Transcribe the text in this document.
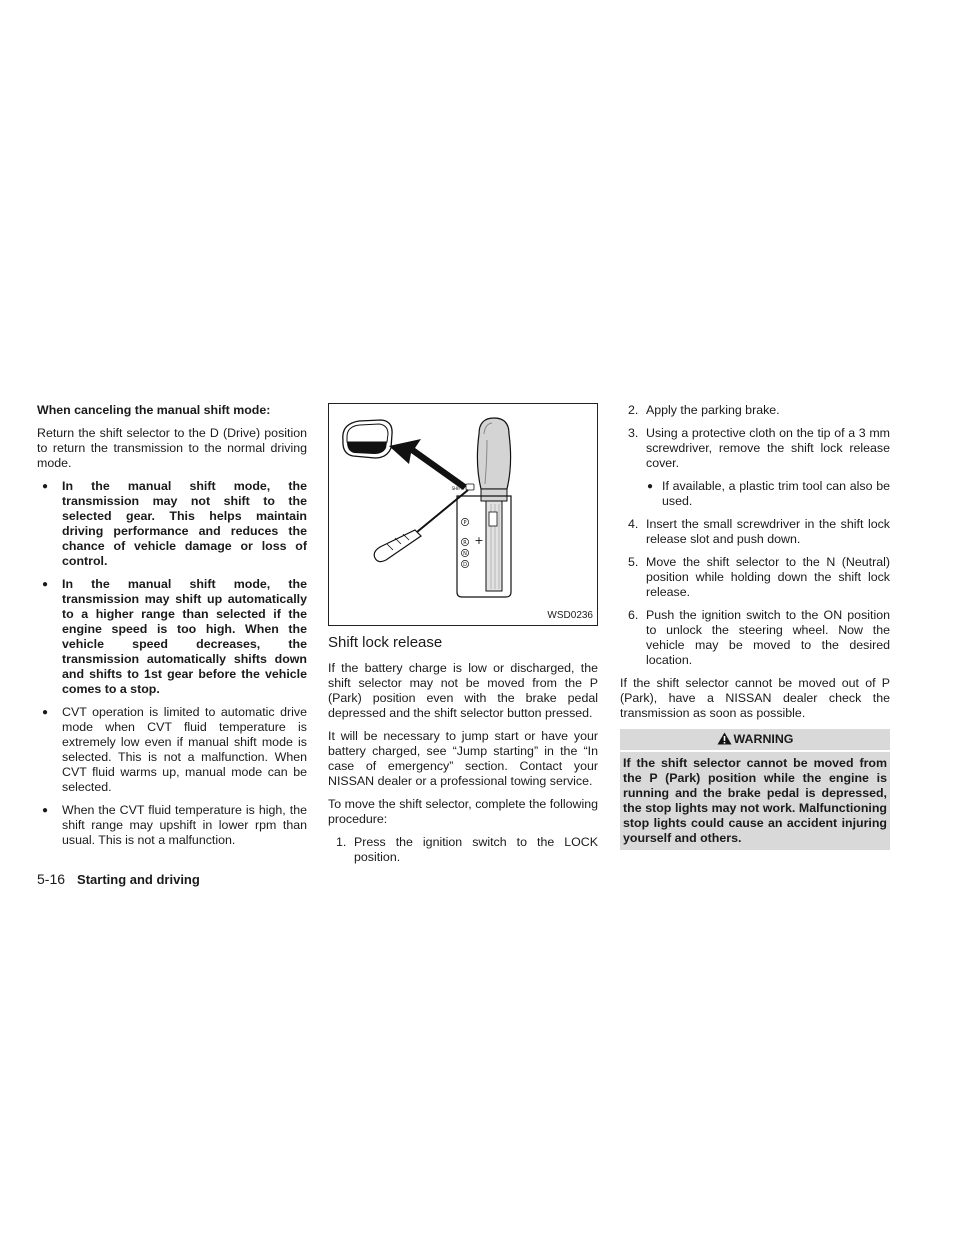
When canceling the manual shift mode:

Return the shift selector to the D (Drive) position to return the transmission to the normal driving mode.

● In the manual shift mode, the transmission may not shift to the selected gear. This helps maintain driving performance and reduces the chance of vehicle damage or loss of control.
● In the manual shift mode, the transmission may shift up automatically to a higher range than selected if the engine speed is too high. When the vehicle speed decreases, the transmission automatically shifts down and shifts to 1st gear before the vehicle comes to a stop.
● CVT operation is limited to automatic drive mode when CVT fluid temperature is extremely low even if manual shift mode is selected. This is not a malfunction. When CVT fluid warms up, manual mode can be selected.
● When the CVT fluid temperature is high, the shift range may upshift in lower rpm than usual. This is not a malfunction.
SHIFT
P
R
N
D
+
WSD0236
Shift lock release

If the battery charge is low or discharged, the shift selector may not be moved from the P (Park) position even with the brake pedal depressed and the shift selector button pressed.

It will be necessary to jump start or have your battery charged, see “Jump starting” in the “In case of emergency” section. Contact your NISSAN dealer or a professional towing service.

To move the shift selector, complete the following procedure:

1. Press the ignition switch to the LOCK position.
2. Apply the parking brake.
3. Using a protective cloth on the tip of a 3 mm screwdriver, remove the shift lock release cover.
● If available, a plastic trim tool can also be used.
4. Insert the small screwdriver in the shift lock release slot and push down.
5. Move the shift selector to the N (Neutral) position while holding down the shift lock release.
6. Push the ignition switch to the ON position to unlock the steering wheel. Now the vehicle may be moved to the desired location.

If the shift selector cannot be moved out of P (Park), have a NISSAN dealer check the transmission as soon as possible.

WARNING
If the shift selector cannot be moved from the P (Park) position while the engine is running and the brake pedal is depressed, the stop lights may not work. Malfunctioning stop lights could cause an accident injuring yourself and others.
5-16 Starting and driving
